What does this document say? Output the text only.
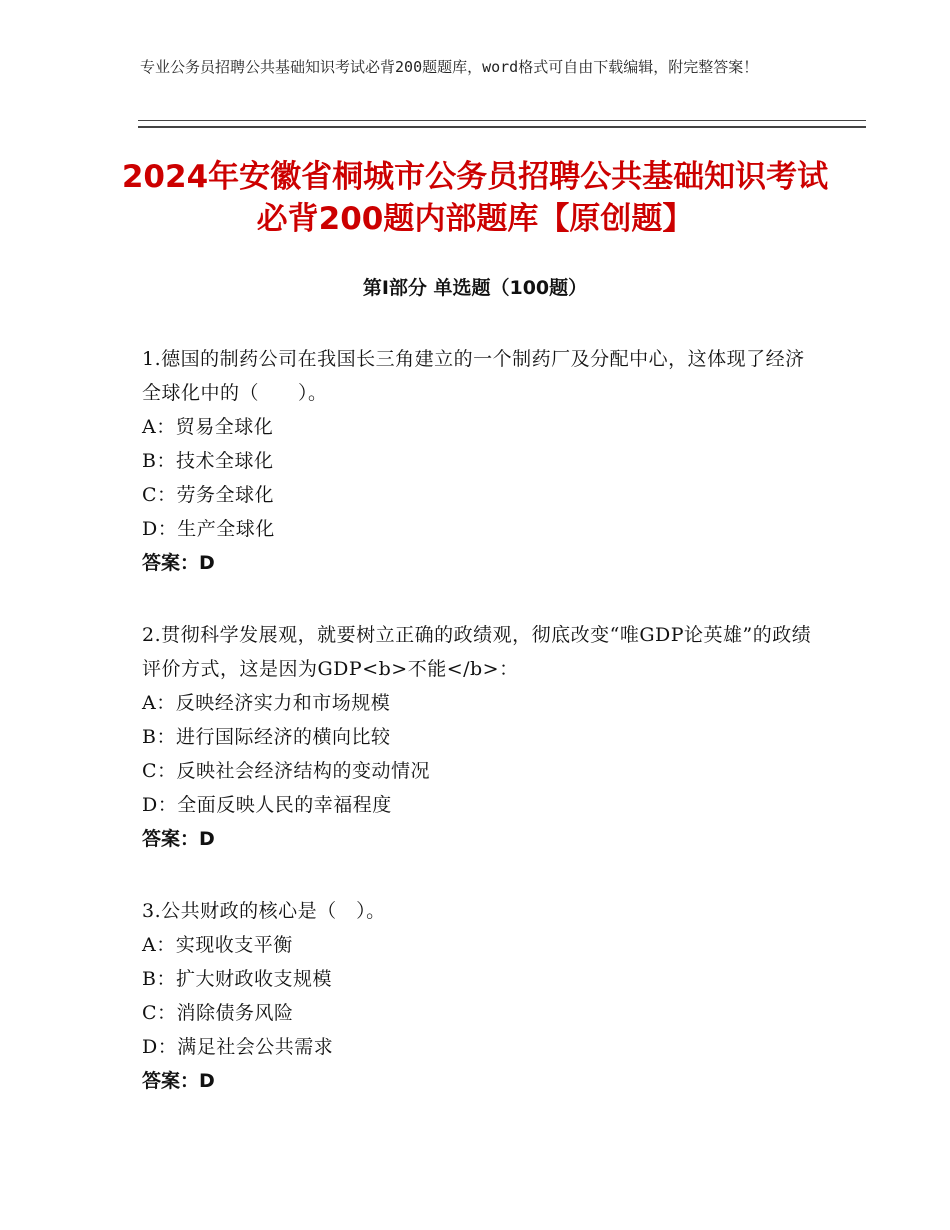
专业公务员招聘公共基础知识考试必背200题题库，word格式可自由下载编辑，附完整答案！
2024年安徽省桐城市公务员招聘公共基础知识考试必背200题内部题库【原创题】
第I部分 单选题（100题）
1.德国的制药公司在我国长三角建立的一个制药厂及分配中心，这体现了经济全球化中的（　　）。
A：贸易全球化
B：技术全球化
C：劳务全球化
D：生产全球化
答案：D
2.贯彻科学发展观，就要树立正确的政绩观，彻底改变“唯GDP论英雄”的政绩评价方式，这是因为GDP<b>不能</b>：
A：反映经济实力和市场规模
B：进行国际经济的横向比较
C：反映社会经济结构的变动情况
D：全面反映人民的幸福程度
答案：D
3.公共财政的核心是（　）。
A：实现收支平衡
B：扩大财政收支规模
C：消除债务风险
D：满足社会公共需求
答案：D
